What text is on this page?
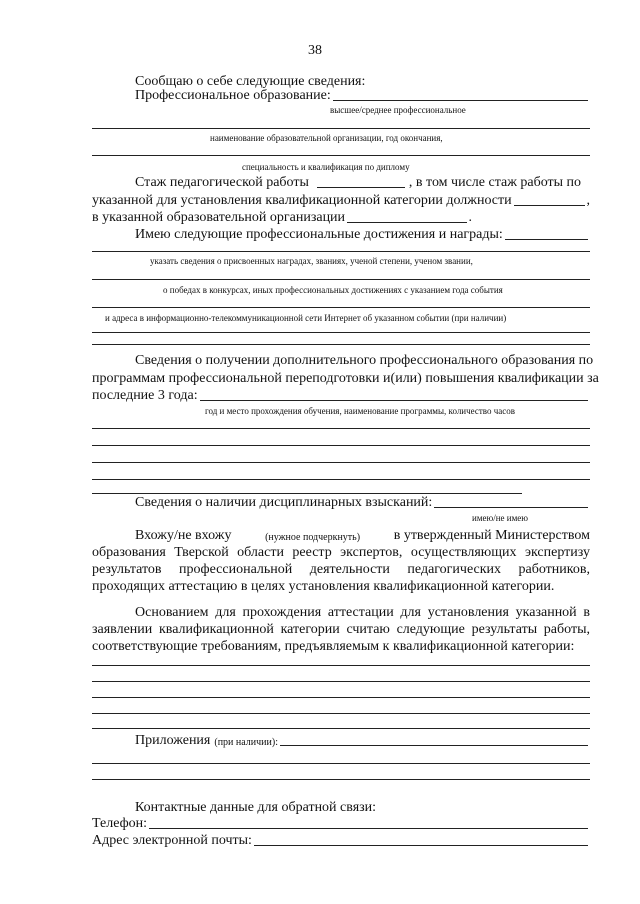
38
Сообщаю о себе следующие сведения:
Профессиональное образование:
высшее/среднее профессиональное
наименование образовательной организации, год окончания,
специальность и квалификация по диплому
Стаж педагогической работы	, в том числе стаж работы по
указанной для установления квалификационной категории должности	,
в указанной образовательной организации	.
Имею следующие профессиональные достижения и награды:
указать сведения о присвоенных наградах, званиях, ученой степени, ученом звании,
о победах в конкурсах, иных профессиональных достижениях с указанием года события
и адреса в информационно-телекоммуникационной сети Интернет об указанном событии (при наличии)
Сведения о получении дополнительного профессионального образования по
программам профессиональной переподготовки и(или) повышения квалификации за
последние 3 года:
год и место прохождения обучения, наименование программы, количество часов
Сведения о наличии дисциплинарных взысканий:
имею/не имею
Вхожу/не вхожу	(нужное подчеркнуть) в утвержденный Министерством
образования Тверской области реестр экспертов, осуществляющих экспертизу
результатов профессиональной деятельности педагогических работников,
проходящих аттестацию в целях установления квалификационной категории.
Основанием для прохождения аттестации для установления указанной в
заявлении квалификационной категории считаю следующие результаты работы,
соответствующие требованиям, предъявляемым к квалификационной категории:
Приложения (при наличии):
Контактные данные для обратной связи:
Телефон:
Адрес электронной почты:
